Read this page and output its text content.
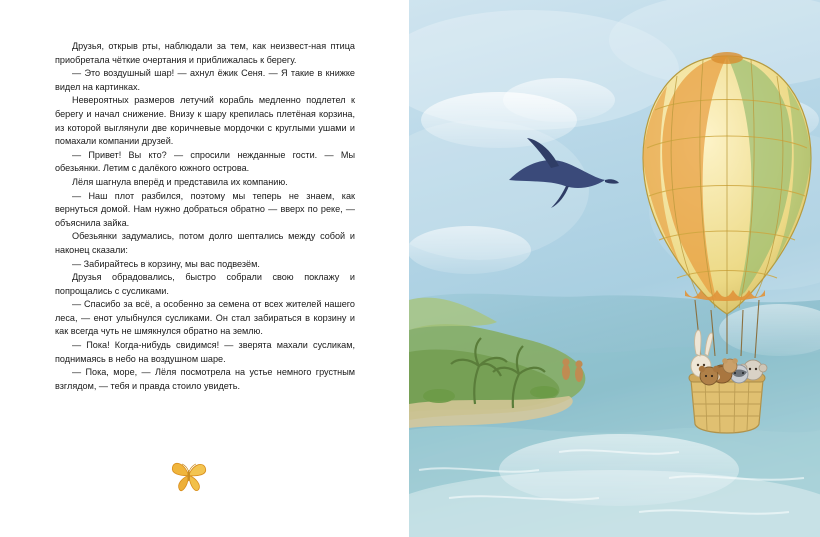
Друзья, открыв рты, наблюдали за тем, как неизвест-ная птица приобретала чёткие очертания и приближалась к берегу.

— Это воздушный шар! — ахнул ёжик Сеня. — Я такие в книжке видел на картинках.

Невероятных размеров летучий корабль медленно подлетел к берегу и начал снижение. Внизу к шару крепилась плетёная корзина, из которой выглянули две коричневые мордочки с круглыми ушами и помахали компании друзей.

— Привет! Вы кто? — спросили нежданные гости. — Мы обезьянки. Летим с далёкого южного острова.

Лёля шагнула вперёд и представила их компанию.

— Наш плот разбился, поэтому мы теперь не знаем, как вернуться домой. Нам нужно добраться обратно — вверх по реке, — объяснила зайка.

Обезьянки задумались, потом долго шептались между собой и наконец сказали:

— Забирайтесь в корзину, мы вас подвезём.

Друзья обрадовались, быстро собрали свою поклажу и попрощались с сусликами.

— Спасибо за всё, а особенно за семена от всех жителей нашего леса, — енот улыбнулся сусликами. Он стал забираться в корзину и как всегда чуть не шмякнулся обратно на землю.

— Пока! Когда-нибудь свидимся! — зверята махали сусликам, поднимаясь в небо на воздушном шаре.

— Пока, море, — Лёля посмотрела на устье немного грустным взглядом, — тебя и правда стоило увидеть.
